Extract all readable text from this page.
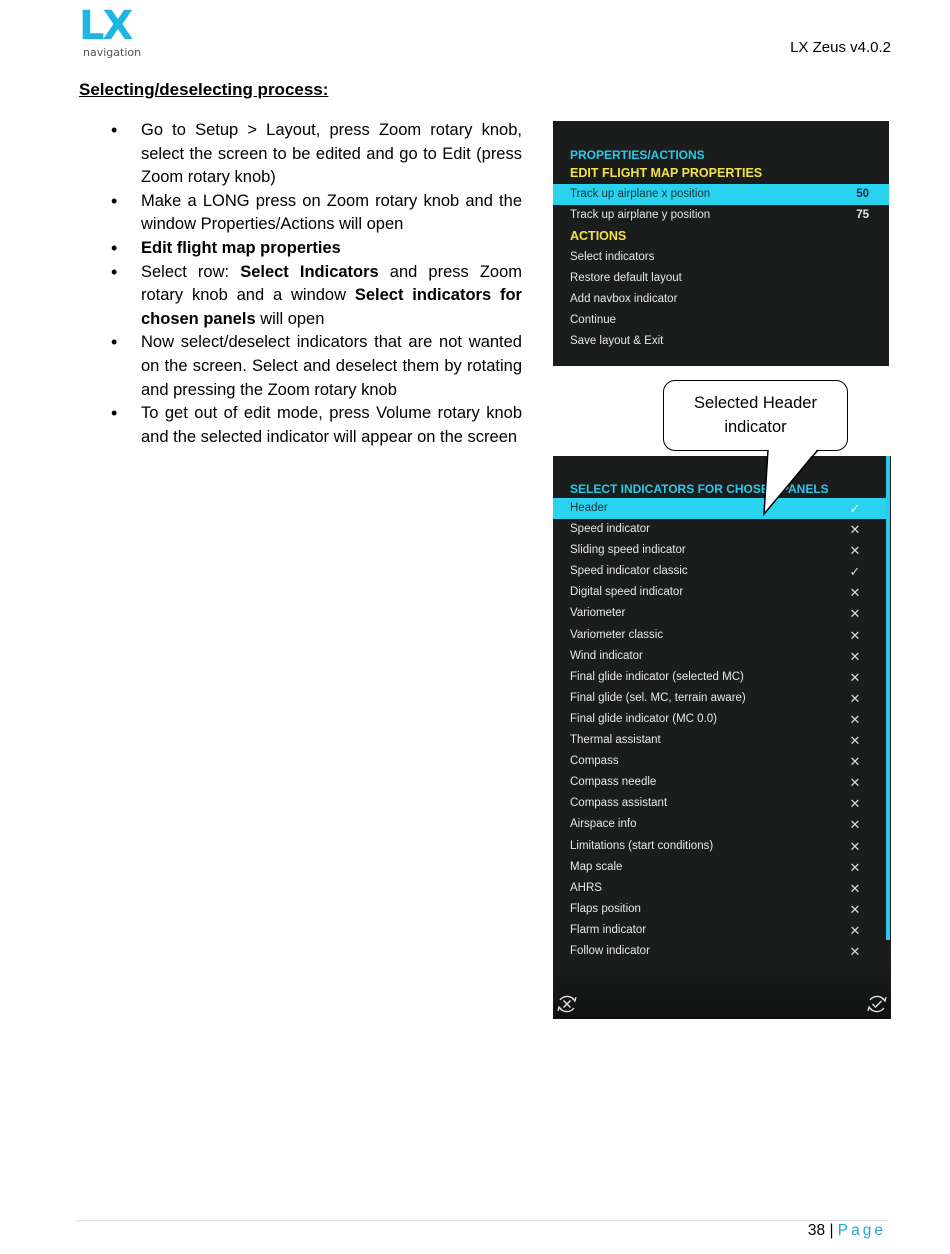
LX
navigation	LX Zeus v4.0.2
Selecting/deselecting process:
• Go to Setup > Layout, press Zoom rotary knob, select the screen to be edited and go to Edit (press Zoom rotary knob)
• Make a LONG press on Zoom rotary knob and the window Properties/Actions will open
• Edit flight map properties
• Select row: Select Indicators and press Zoom rotary knob and a window Select indicators for chosen panels will open
• Now select/deselect indicators that are not wanted on the screen. Select and deselect them by rotating and pressing the Zoom rotary knob
• To get out of edit mode, press Volume rotary knob and the selected indicator will appear on the screen
PROPERTIES/ACTIONS
EDIT FLIGHT MAP PROPERTIES
Track up airplane x position	50
Track up airplane y position	75
ACTIONS
Select indicators
Restore default layout
Add navbox indicator
Continue
Save layout & Exit
Selected Header
indicator
SELECT INDICATORS FOR CHOSEN PANELS
Header	✓
Speed indicator	✕
Sliding speed indicator	✕
Speed indicator classic	✓
Digital speed indicator	✕
Variometer	✕
Variometer classic	✕
Wind indicator	✕
Final glide indicator (selected MC)	✕
Final glide (sel. MC, terrain aware)	✕
Final glide indicator (MC 0.0)	✕
Thermal assistant	✕
Compass	✕
Compass needle	✕
Compass assistant	✕
Airspace info	✕
Limitations (start conditions)	✕
Map scale	✕
AHRS	✕
Flaps position	✕
Flarm indicator	✕
Follow indicator	✕
38 | Page
